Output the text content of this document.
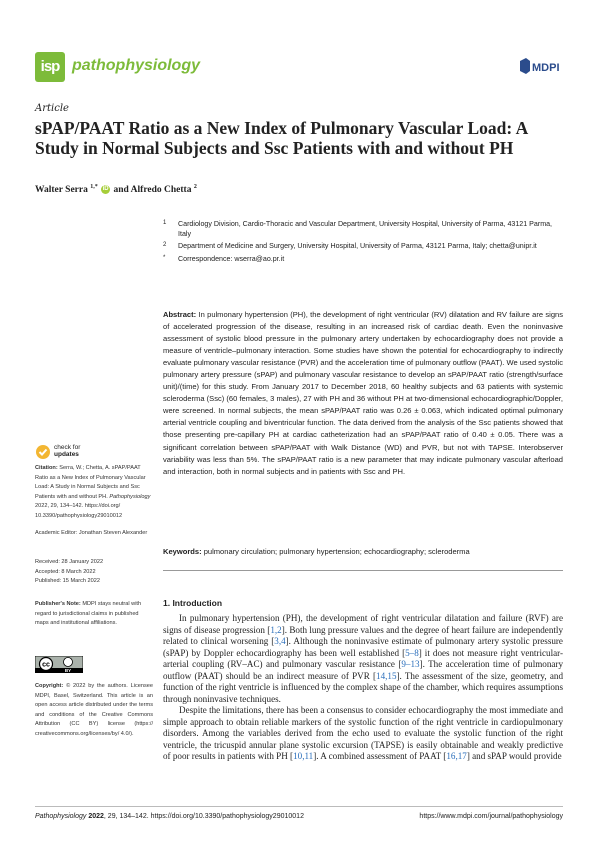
isp pathophysiology	MDPI
Article
sPAP/PAAT Ratio as a New Index of Pulmonary Vascular Load: A Study in Normal Subjects and Ssc Patients with and without PH
Walter Serra $^{1,*}$ iD and Alfredo Chetta $^2$
1 Cardiology Division, Cardio-Thoracic and Vascular Department, University Hospital, University of Parma, 43121 Parma, Italy
2 Department of Medicine and Surgery, University Hospital, University of Parma, 43121 Parma, Italy; chetta@unipr.it
* Correspondence: wserra@ao.pr.it
Abstract: In pulmonary hypertension (PH), the development of right ventricular (RV) dilatation and RV failure are signs of accelerated progression of the disease, resulting in an increased risk of cardiac death. Even the noninvasive assessment of systolic blood pressure in the pulmonary artery undertaken by echocardiography does not provide a measure of ventricle–pulmonary interaction. Some studies have shown the potential for echocardiography to indirectly evaluate pulmonary vascular resistance (PVR) and the acceleration time of pulmonary outflow (PAAT). We used systolic pulmonary artery pressure (sPAP) and pulmonary vascular resistance to develop an sPAP/PAAT ratio (strength/surface unit)/(time) for this study. From January 2017 to December 2018, 60 healthy subjects and 63 patients with systemic scleroderma (Ssc) (60 females, 3 males), 27 with PH and 36 without PH at two-dimensional echocardiographic/Doppler, were screened. In normal subjects, the mean sPAP/PAAT ratio was 0.26 ± 0.063, which indicated optimal pulmonary arterial ventricle coupling and biventricular function. The data derived from the analysis of the Ssc patients showed that those presenting pre-capillary PH at cardiac catheterization had an sPAP/PAAT ratio of 0.40 ± 0.05. There was a significant correlation between sPAP/PAAT with Walk Distance (WD) and PVR, but not with TAPSE. Interobserver variability was less than 5%. The sPAP/PAAT ratio is a new parameter that may indicate pulmonary vascular afterload and interaction, both in normal subjects and in patients with Ssc and PH.
Keywords: pulmonary circulation; pulmonary hypertension; echocardiography; scleroderma
1. Introduction

In pulmonary hypertension (PH), the development of right ventricular dilatation and failure (RVF) are signs of disease progression [1,2]. Both lung pressure values and the degree of heart failure are independently related to clinical worsening [3,4]. Although the noninvasive estimate of pulmonary artery systolic pressure (sPAP) by Doppler echocardiography has been well established [5–8] it does not measure right ventricular-arterial coupling (RV–AC) and pulmonary vascular resistance [9–13]. The acceleration time of pulmonary outflow (PAAT) should be an indirect measure of PVR [14,15]. The assessment of the size, geometry, and function of the right ventricle is influenced by the complex shape of the chamber, which requires assumptions through noninvasive techniques.

Despite the limitations, there has been a consensus to consider echocardiography the most immediate and simple approach to obtain reliable markers of the systolic function of the right ventricle in cardiopulmonary disorders. Among the variables derived from the echo used to evaluate the systolic function of the right ventricle, the tricuspid annular plane systolic excursion (TAPSE) is easily obtainable and weakly predictive of poor results in patients with PH [10,11]. A combined assessment of PAAT [16,17] and sPAP would provide

check for
updates
Citation: Serra, W.; Chetta, A. sPAP/PAAT Ratio as a New Index of Pulmonary Vascular Load: A Study in Normal Subjects and Ssc Patients with and without PH. Pathophysiology 2022, 29, 134–142. https://doi.org/ 10.3390/pathophysiology29010012
Academic Editor: Jonathan Steven Alexander
Received: 28 January 2022
Accepted: 8 March 2022
Published: 15 March 2022
Publisher's Note: MDPI stays neutral with regard to jurisdictional claims in published maps and institutional affiliations.
cc
BY
Copyright: © 2022 by the authors. Licensee MDPI, Basel, Switzerland. This article is an open access article distributed under the terms and conditions of the Creative Commons Attribution (CC BY) license (https:// creativecommons.org/licenses/by/ 4.0/).
Pathophysiology 2022, 29, 134–142. https://doi.org/10.3390/pathophysiology29010012	https://www.mdpi.com/journal/pathophysiology
